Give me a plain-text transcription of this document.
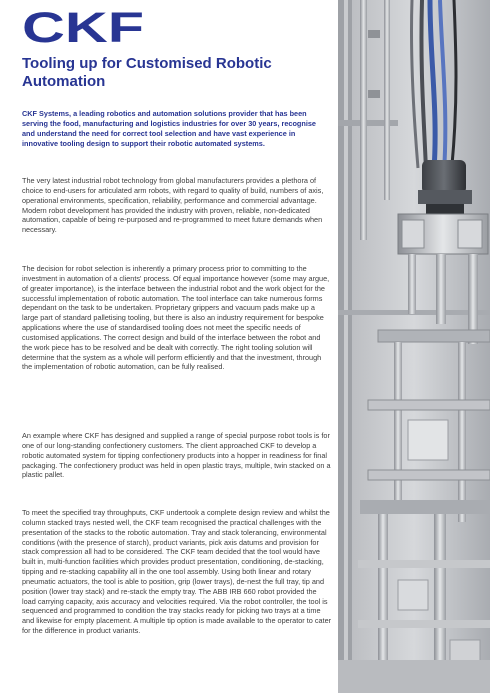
CKF
Tooling up for Customised Robotic Automation

CKF Systems, a leading robotics and automation solutions provider that has been serving the food, manufacturing and logistics industries for over 30 years, recognise and understand the need for correct tool selection and have vast experience in innovative tooling design to support their robotic automated systems.

The very latest industrial robot technology from global manufacturers provides a plethora of choice to end-users for articulated arm robots, with regard to quality of build, numbers of axis, operational environments, specification, reliability, performance and commercial advantage. Modern robot development has provided the industry with proven, reliable, non-dedicated automation, capable of being re-purposed and re-programmed to meet future demands when necessary.

The decision for robot selection is inherently a primary process prior to committing to the investment in automation of a clients' process. Of equal importance however (some may argue, of greater importance), is the interface between the industrial robot and the work object for the successful implementation of robotic automation. The tool interface can take numerous forms dependant on the task to be undertaken. Proprietary grippers and vacuum pads make up a large part of standard palletising tooling, but there is also an industry requirement for bespoke applications where the use of standardised tooling does not meet the specific needs of customised applications. The correct design and build of the interface between the robot and the work piece has to be resolved and be dealt with correctly. The right tooling solution will determine that the system as a whole will perform efficiently and that the investment, through the implementation of robotic automation, can be fully realised.

An example where CKF has designed and supplied a range of special purpose robot tools is for one of our long-standing confectionery customers. The client approached CKF to develop a robotic automated system for tipping confectionery products into a hopper in readiness for final packaging. The confectionery product was held in open plastic trays, multiple, twin stacked on a plastic pallet.

To meet the specified tray throughputs, CKF undertook a complete design review and whilst the column stacked trays nested well, the CKF team recognised the practical challenges with the presentation of the stacks to the robotic automation. Tray and stack tolerancing, environmental conditions (with the presence of starch), product variants, pick axis datums and provision for stack compression all had to be considered. The CKF team decided that the tool would have built in, multi-function facilities which provides product presentation, conditioning, de-stacking, tipping and re-stacking capability all in the one tool assembly. Using both linear and rotary pneumatic actuators, the tool is able to position, grip (lower trays), de-nest the full tray, tip and position (lower tray stack) and re-stack the empty tray. The ABB IRB 660 robot provided the load carrying capacity, axis accuracy and velocities required. Via the robot controller, the tool is sequenced and programmed to condition the tray stacks ready for picking two trays at a time and likewise for empty placement. A multiple tip option is made available to the operator to cater for the difference in product variants.
